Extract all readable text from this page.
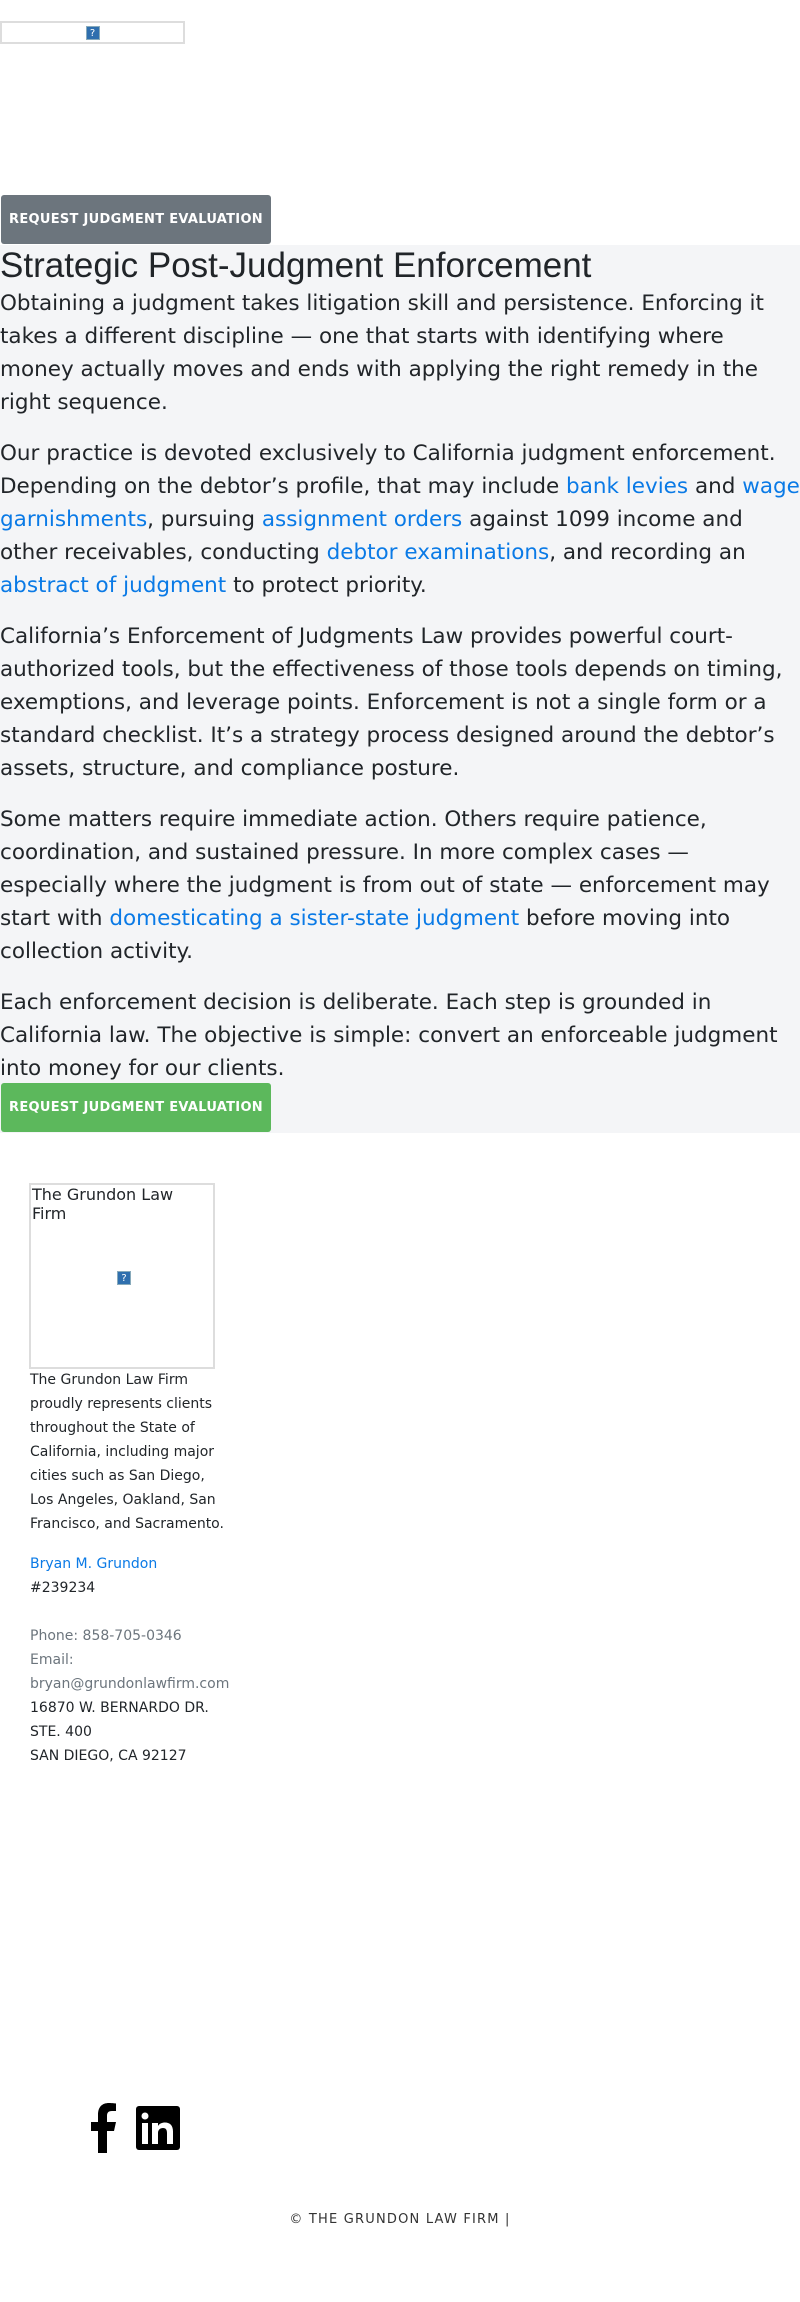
?
REQUEST JUDGMENT EVALUATION
Strategic Post-Judgment Enforcement

Obtaining a judgment takes litigation skill and persistence. Enforcing it takes a different discipline — one that starts with identifying where money actually moves and ends with applying the right remedy in the right sequence.

Our practice is devoted exclusively to California judgment enforcement. Depending on the debtor’s profile, that may include bank levies and wage garnishments, pursuing assignment orders against 1099 income and other receivables, conducting debtor examinations, and recording an abstract of judgment to protect priority.

California’s Enforcement of Judgments Law provides powerful court-authorized tools, but the effectiveness of those tools depends on timing, exemptions, and leverage points. Enforcement is not a single form or a standard checklist. It’s a strategy process designed around the debtor’s assets, structure, and compliance posture.

Some matters require immediate action. Others require patience, coordination, and sustained pressure. In more complex cases — especially where the judgment is from out of state — enforcement may start with domesticating a sister-state judgment before moving into collection activity.

Each enforcement decision is deliberate. Each step is grounded in California law. The objective is simple: convert an enforceable judgment into money for our clients.

REQUEST JUDGMENT EVALUATION
The Grundon Law Firm
?
The Grundon Law Firm proudly represents clients throughout the State of California, including major cities such as San Diego, Los Angeles, Oakland, San Francisco, and Sacramento.
Bryan M. Grundon
#239234
Phone: 858-705-0346
Email:
bryan@grundonlawfirm.com
16870 W. BERNARDO DR.
STE. 400
SAN DIEGO, CA 92127
© THE GRUNDON LAW FIRM |
